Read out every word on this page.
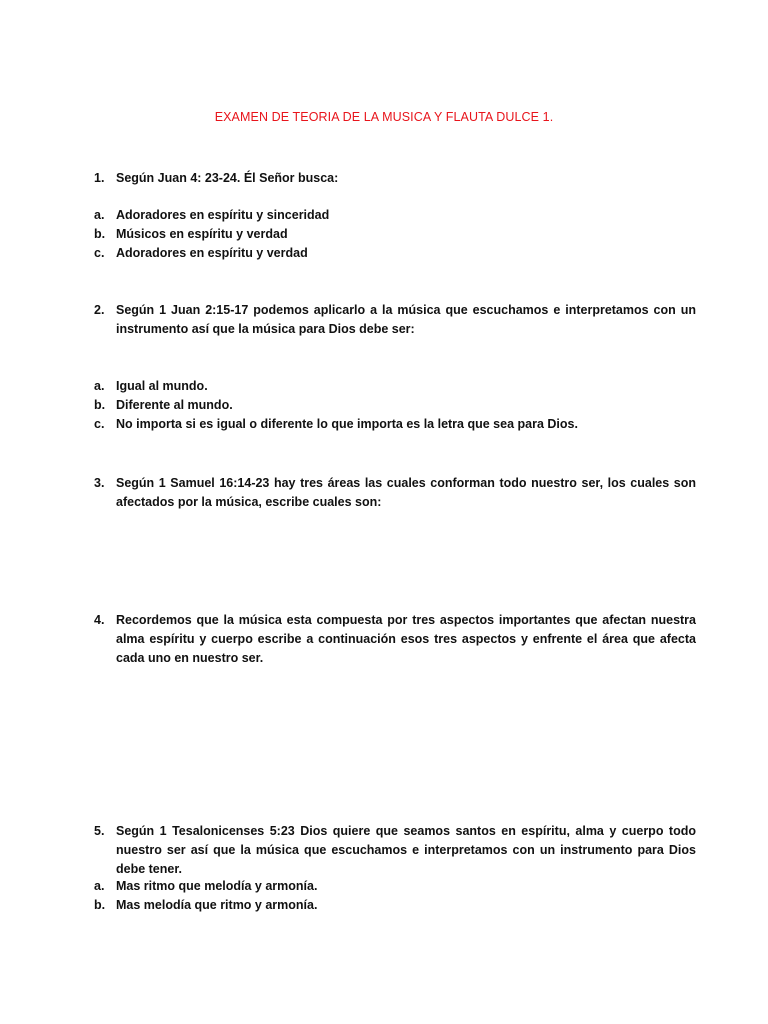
EXAMEN DE TEORIA DE LA MUSICA Y FLAUTA DULCE 1.
1. Según Juan 4: 23-24. Él Señor busca:
a. Adoradores en espíritu y sinceridad
b. Músicos en espíritu y verdad
c. Adoradores en espíritu y verdad
2. Según 1 Juan 2:15-17 podemos aplicarlo a la música que escuchamos e interpretamos con un instrumento así que la música para Dios debe ser:
a. Igual al mundo.
b. Diferente al mundo.
c. No importa si es igual o diferente lo que importa es la letra que sea para Dios.
3. Según 1 Samuel 16:14-23 hay tres áreas las cuales conforman todo nuestro ser, los cuales son afectados por la música, escribe cuales son:
4. Recordemos que la música esta compuesta por tres aspectos importantes que afectan nuestra alma espíritu y cuerpo escribe a continuación esos tres aspectos y enfrente el área que afecta cada uno en nuestro ser.
5. Según 1 Tesalonicenses 5:23 Dios quiere que seamos santos en espíritu, alma y cuerpo todo nuestro ser así que la música que escuchamos e interpretamos con un instrumento para Dios debe tener.
a. Mas ritmo que melodía y armonía.
b. Mas melodía que ritmo y armonía.
